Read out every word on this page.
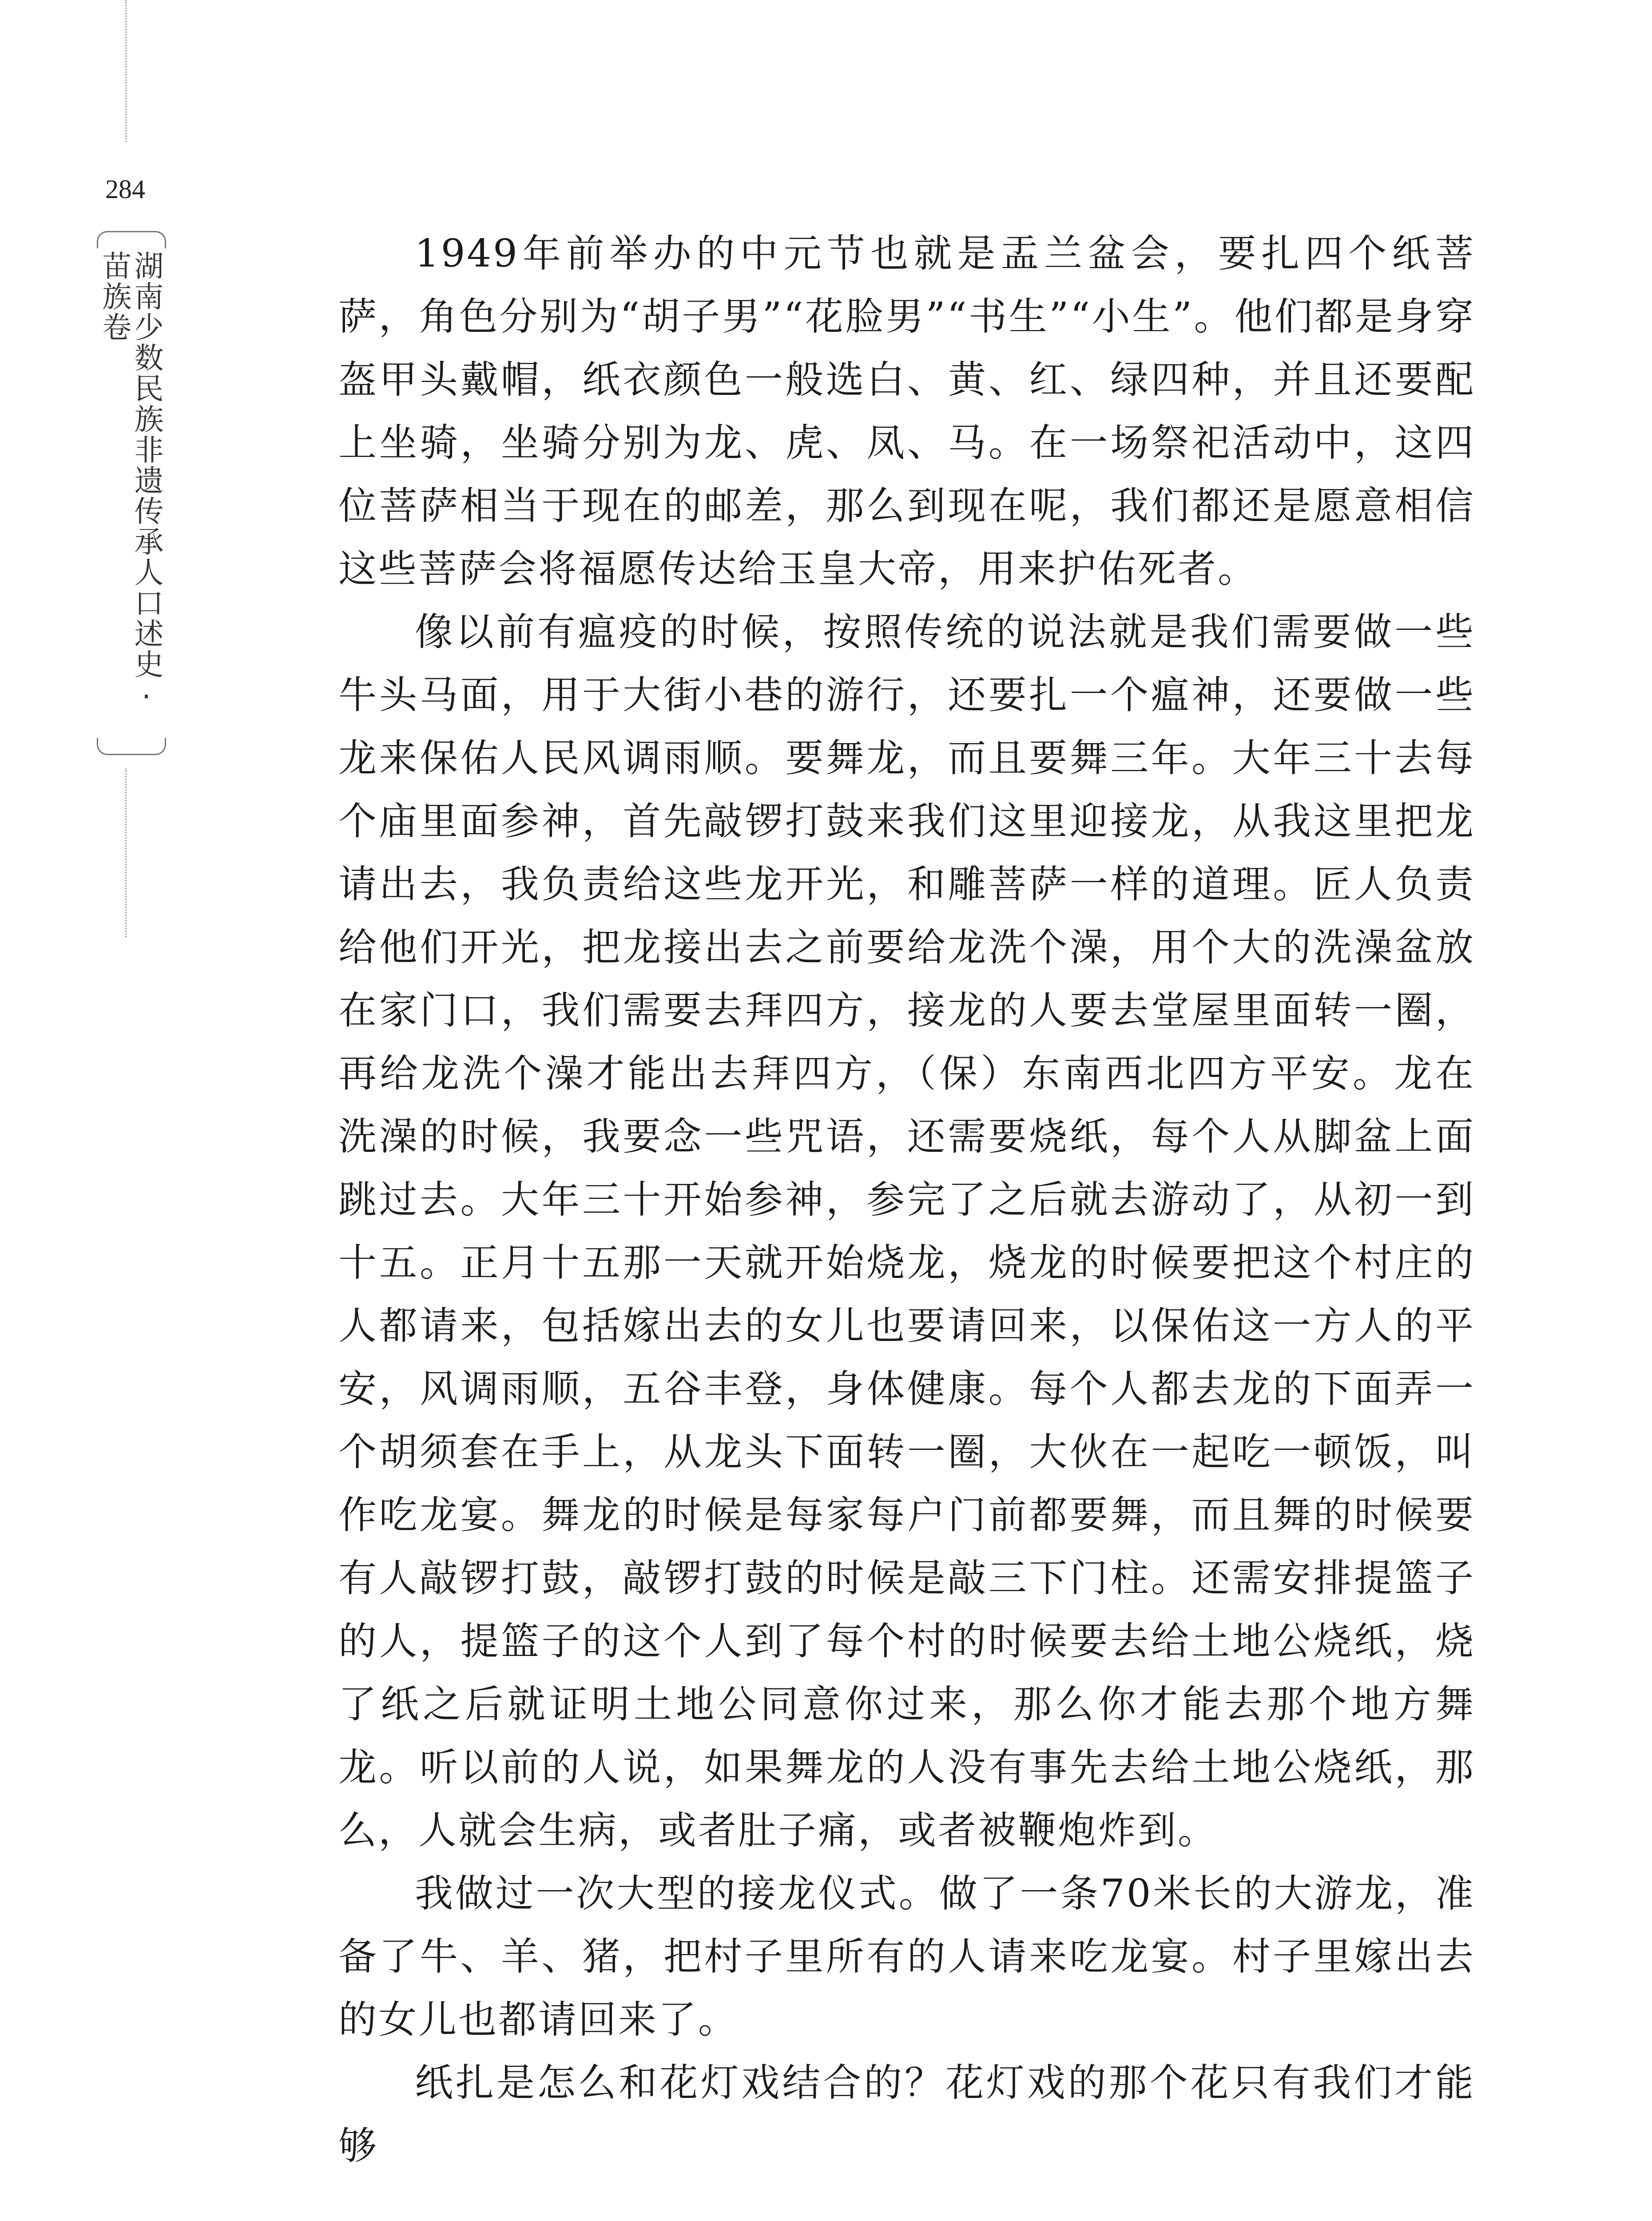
284
湖南少数民族非遗传承人口述史·苗族卷	1949年前举办的中元节也就是盂兰盆会，要扎四个纸菩萨，角色分别为“胡子男”“花脸男”“书生”“小生”。他们都是身穿盔甲头戴帽，纸衣颜色一般选白、黄、红、绿四种，并且还要配上坐骑，坐骑分别为龙、虎、凤、马。在一场祭祀活动中，这四位菩萨相当于现在的邮差，那么到现在呢，我们都还是愿意相信这些菩萨会将福愿传达给玉皇大帝，用来护佑死者。

像以前有瘟疫的时候，按照传统的说法就是我们需要做一些牛头马面，用于大街小巷的游行，还要扎一个瘟神，还要做一些龙来保佑人民风调雨顺。要舞龙，而且要舞三年。大年三十去每个庙里面参神，首先敲锣打鼓来我们这里迎接龙，从我这里把龙请出去，我负责给这些龙开光，和雕菩萨一样的道理。匠人负责给他们开光，把龙接出去之前要给龙洗个澡，用个大的洗澡盆放在家门口，我们需要去拜四方，接龙的人要去堂屋里面转一圈，再给龙洗个澡才能出去拜四方，（保）东南西北四方平安。龙在洗澡的时候，我要念一些咒语，还需要烧纸，每个人从脚盆上面跳过去。大年三十开始参神，参完了之后就去游动了，从初一到十五。正月十五那一天就开始烧龙，烧龙的时候要把这个村庄的人都请来，包括嫁出去的女儿也要请回来，以保佑这一方人的平安，风调雨顺，五谷丰登，身体健康。每个人都去龙的下面弄一个胡须套在手上，从龙头下面转一圈，大伙在一起吃一顿饭，叫作吃龙宴。舞龙的时候是每家每户门前都要舞，而且舞的时候要有人敲锣打鼓，敲锣打鼓的时候是敲三下门柱。还需安排提篮子的人，提篮子的这个人到了每个村的时候要去给土地公烧纸，烧了纸之后就证明土地公同意你过来，那么你才能去那个地方舞龙。听以前的人说，如果舞龙的人没有事先去给土地公烧纸，那么，人就会生病，或者肚子痛，或者被鞭炮炸到。

我做过一次大型的接龙仪式。做了一条70米长的大游龙，准备了牛、羊、猪，把村子里所有的人请来吃龙宴。村子里嫁出去的女儿也都请回来了。

纸扎是怎么和花灯戏结合的？花灯戏的那个花只有我们才能够
